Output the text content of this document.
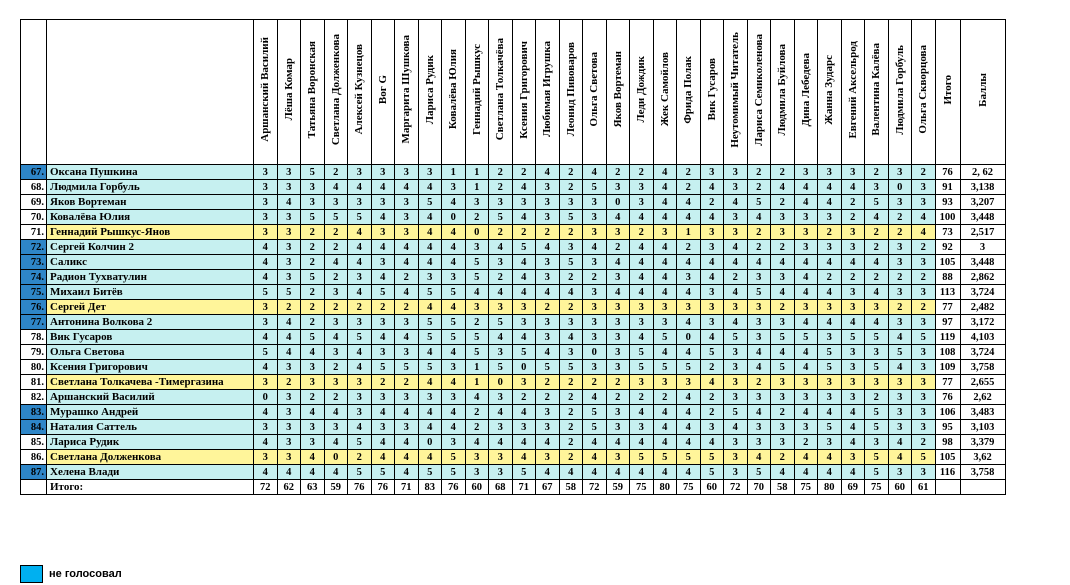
		Аршанский Василий	Лёша Комар	Татьяна Воронская	Светлана Долженкова	Алексей Кузнецов	Вог G	Маргарита Шушкова	Лариса Рудик	Ковалёва Юлия	Геннадий Рышкус	Светлана Толкачёва	Ксения Григорович	Любимая Игрушка	Леонид Пивоваров	Ольга Светова	Яков Вортеман	Леди Дождик	Жек Самойлов	Фрида Полак	Вик Гусаров	Неутомимый Читатель	Лариса Семиколенова	Людмила Буйлова	Дина Лебедева	Жанна Зударс	Евгений Аксельрод	Валентина Калёва	Людмила Горбуль	Ольга Скворцова	Итого	Баллы
67.	Оксана Пушкина	3	3	5	2	3	3	3	3	1	1	2	2	4	2	4	2	2	4	2	3	3	2	2	3	3	3	2	3	2	76	2, 62
68.	Людмила Горбуль	3	3	3	4	4	4	4	4	3	1	2	4	3	2	5	3	3	4	2	4	3	2	4	4	4	4	3	0	3	91	3,138
69.	Яков Вортеман	3	4	3	3	3	3	3	5	4	3	3	3	3	3	3	0	3	4	4	2	4	5	2	4	4	2	5	3	3	93	3,207
70.	Ковалёва Юлия	3	3	5	5	5	4	3	4	0	2	5	4	3	5	3	4	4	4	4	4	3	4	3	3	3	2	4	2	4	100	3,448
71.	Геннадий Рышкус-Янов	3	3	2	2	4	3	3	4	4	0	2	2	2	2	3	3	2	3	1	3	3	2	3	3	2	3	2	2	4	73	2,517
72.	Сергей Колчин 2	4	3	2	2	4	4	4	4	4	3	4	5	4	3	4	2	4	4	2	3	4	2	2	3	3	3	2	3	2	92	3
73.	Саликс	4	3	2	4	4	3	4	4	4	5	3	4	3	5	3	4	4	4	4	4	4	4	4	4	4	4	4	3	3	105	3,448
74.	Радион Тухватулин	4	3	5	2	3	4	2	3	3	5	2	4	3	2	2	3	4	4	3	4	2	3	3	4	2	2	2	2	2	88	2,862
75.	Михаил Битёв	5	5	2	3	4	5	4	5	5	4	4	4	4	4	3	4	4	4	4	3	4	5	4	4	4	3	4	3	3	113	3,724
76.	Сергей Дет	3	2	2	2	2	2	2	4	4	3	3	3	2	2	3	3	3	3	3	3	3	3	2	3	3	3	3	2	2	77	2,482
77.	Антонина Волкова 2	3	4	2	3	3	3	3	5	5	2	5	3	3	3	3	3	3	3	4	3	4	3	3	4	4	4	4	3	3	97	3,172
78.	Вик Гусаров	4	4	5	4	5	4	4	5	5	5	4	4	3	4	3	3	4	5	0	4	5	3	5	5	3	5	5	4	5	119	4,103
79.	Ольга Светова	5	4	4	3	4	3	3	4	4	5	3	5	4	3	0	3	5	4	4	5	3	4	4	4	5	3	3	5	3	108	3,724
80.	Ксения Григорович	4	3	3	2	4	5	5	5	3	1	5	0	5	5	3	3	5	5	5	2	3	4	5	4	5	3	5	4	3	109	3,758
81.	Светлана Толкачева -Тимергазина	3	2	3	3	3	2	2	4	4	1	0	3	2	2	2	2	3	3	3	4	3	2	3	3	3	3	3	3	3	77	2,655
82.	Аршанский Василий	0	3	2	2	3	3	3	3	3	4	3	2	2	2	4	2	2	2	4	2	3	3	3	3	3	3	2	3	3	76	2,62
83.	Мурашко Андрей	4	3	4	4	3	4	4	4	4	2	4	4	3	2	5	3	4	4	4	2	5	4	2	4	4	4	5	3	3	106	3,483
84.	Наталия Саттель	3	3	3	3	4	3	3	4	4	2	3	3	3	2	5	3	3	4	4	3	4	3	3	3	5	4	5	3	3	95	3,103
85.	Лариса Рудик	4	3	3	4	5	4	4	0	3	4	4	4	4	2	4	4	4	4	4	4	3	3	3	2	3	4	3	4	2	98	3,379
86.	Светлана Долженкова	3	3	4	0	2	4	4	4	5	3	3	4	3	2	4	3	5	5	5	5	3	4	2	4	4	3	5	4	5	105	3,62
87.	Хелена Влади	4	4	4	4	5	5	4	5	5	3	3	5	4	4	4	4	4	4	4	5	3	5	4	4	4	4	5	3	3	116	3,758
	Итого:	72	62	63	59	76	76	71	83	76	60	68	71	67	58	72	59	75	80	75	60	72	70	58	75	80	69	75	60	61		
не голосовал
